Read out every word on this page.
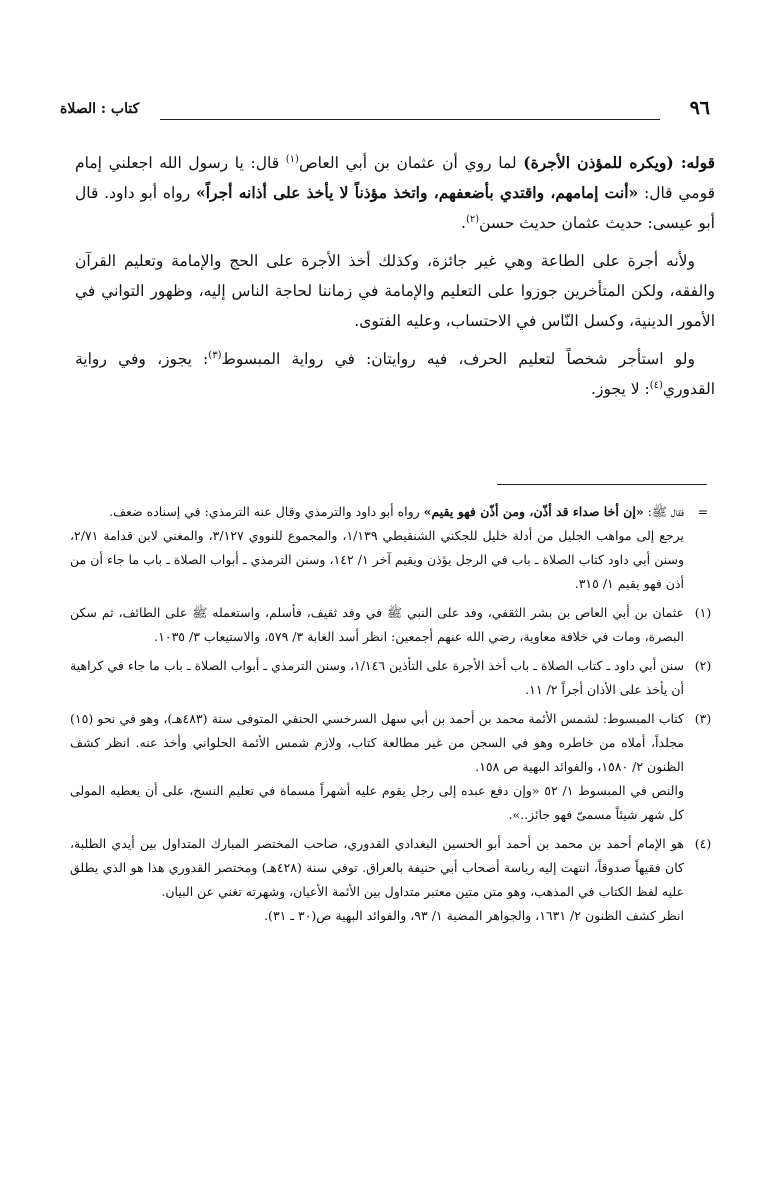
٩٦
كتاب : الصلاة

قوله: (ويكره للمؤذن الأجرة) لما روي أن عثمان بن أبي العاص$^{(١)}$ قال: يا رسول الله اجعلني إمام قومي قال: «أنت إمامهم، واقتدي بأضعفهم، واتخذ مؤذناً لا يأخذ على أذانه أجراً» رواه أبو داود. قال أبو عيسى: حديث عثمان حديث حسن$^{(٢)}$.

ولأنه أجرة على الطاعة وهي غير جائزة، وكذلك أخذ الأجرة على الحج والإمامة وتعليم القرآن والفقه، ولكن المتأخرين جوزوا على التعليم والإمامة في زماننا لحاجة الناس إليه، وظهور التواني في الأمور الدينية، وكسل النّاس في الاحتساب، وعليه الفتوى.

ولو استأجر شخصاً لتعليم الحرف، فيه روايتان: في رواية المبسوط$^{(٣)}$: يجوز، وفي رواية القدوري$^{(٤)}$: لا يجوز.

=

فقال ﷺ: «إن أخا صداء قد أذّن، ومن أذّن فهو يقيم» رواه أبو داود والترمذي وقال عنه الترمذي: في إسناده ضعف.

يرجع إلى مواهب الجليل من أدلة خليل للجكني الشنقيطي ١/١٣٩، والمجموع للنووي ٣/١٢٧، والمغني لابن قدامة ٢/٧١، وسنن أبي داود كتاب الصلاة ـ باب في الرجل يؤذن ويقيم آخر ١/ ١٤٢، وسنن الترمذي ـ أبواب الصلاة ـ باب ما جاء أن من أذن فهو يقيم ١/ ٣١٥.

(١)

عثمان بن أبي العاص بن بشر الثقفي، وفد على النبي ﷺ في وفد ثقيف، فأسلم، واستعمله ﷺ على الطائف، ثم سكن البصرة، ومات في خلافة معاوية، رضي الله عنهم أجمعين: انظر أسد الغابة ٣/ ٥٧٩، والاستيعاب ٣/ ١٠٣٥.

(٢)

سنن أبي داود ـ كتاب الصلاة ـ باب أخذ الأجرة على التأذين ١/١٤٦، وسنن الترمذي ـ أبواب الصلاة ـ باب ما جاء في كراهية أن يأخذ على الأذان أجراً ٢/ ١١.

(٣)

كتاب المبسوط: لشمس الأئمة محمد بن أحمد بن أبي سهل السرخسي الحنفي المتوفى سنة (٤٨٣هـ)، وهو في نحو (١٥) مجلداً، أملاه من خاطره وهو في السجن من غير مطالعة كتاب، ولازم شمس الأئمة الحلواني وأخذ عنه. انظر كشف الظنون ٢/ ١٥٨٠، والفوائد البهية ص ١٥٨.

والنص في المبسوط ١/ ٥٢ «وإن دفع عبده إلى رجل يقوم عليه أشهراً مسماة في تعليم النسخ، على أن يعطيه المولى كل شهر شيئاً مسمىّ فهو جائز..».

(٤)

هو الإمام أحمد بن محمد بن أحمد أبو الحسين البغدادي القدوري، صاحب المختصر المبارك المتداول بين أيدي الطلبة، كان فقيهاً صدوقاً، انتهت إليه رياسة أصحاب أبي حنيفة بالعراق. توفي سنة (٤٢٨هـ) ومختصر القدوري هذا هو الذي يطلق عليه لفظ الكتاب في المذهب، وهو متن متين معتبر متداول بين الأئمة الأعيان، وشهرته تغني عن البيان.

انظر كشف الظنون ٢/ ١٦٣١، والجواهر المضية ١/ ٩٣، والفوائد البهية ص(٣٠ ـ ٣١).
